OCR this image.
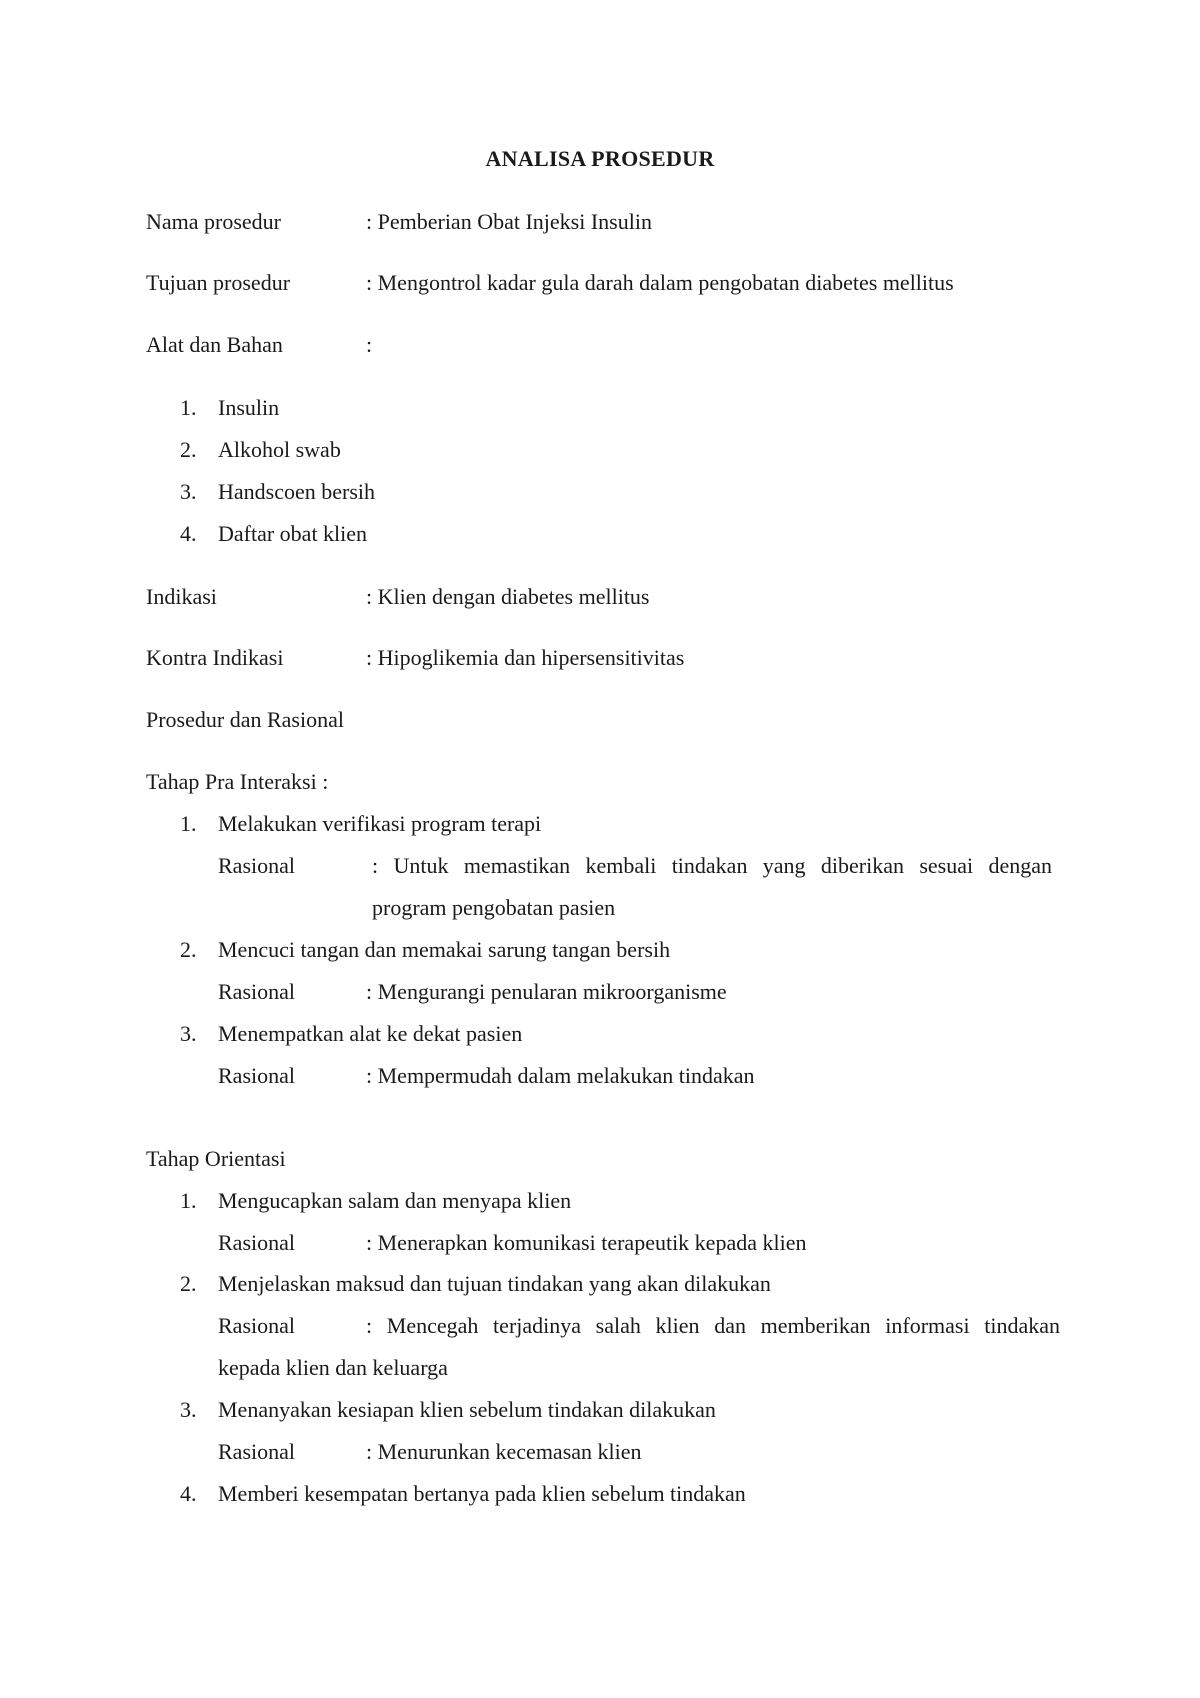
ANALISA PROSEDUR
Nama prosedur	: Pemberian Obat Injeksi Insulin
Tujuan prosedur	: Mengontrol kadar gula darah dalam pengobatan diabetes mellitus
Alat dan Bahan	:
1. Insulin
2. Alkohol swab
3. Handscoen bersih
4. Daftar obat klien
Indikasi	: Klien dengan diabetes mellitus
Kontra Indikasi	: Hipoglikemia dan hipersensitivitas
Prosedur dan Rasional
Tahap Pra Interaksi :
1. Melakukan verifikasi program terapi
Rasional	: Untuk memastikan kembali tindakan yang diberikan sesuai dengan
program pengobatan pasien
2. Mencuci tangan dan memakai sarung tangan bersih
Rasional	: Mengurangi penularan mikroorganisme
3. Menempatkan alat ke dekat pasien
Rasional	: Mempermudah dalam melakukan tindakan
Tahap Orientasi
1. Mengucapkan salam dan menyapa klien
Rasional	: Menerapkan komunikasi terapeutik kepada klien
2. Menjelaskan maksud dan tujuan tindakan yang akan dilakukan
Rasional	: Mencegah terjadinya salah klien dan memberikan informasi tindakan
kepada klien dan keluarga
3. Menanyakan kesiapan klien sebelum tindakan dilakukan
Rasional	: Menurunkan kecemasan klien
4. Memberi kesempatan bertanya pada klien sebelum tindakan
